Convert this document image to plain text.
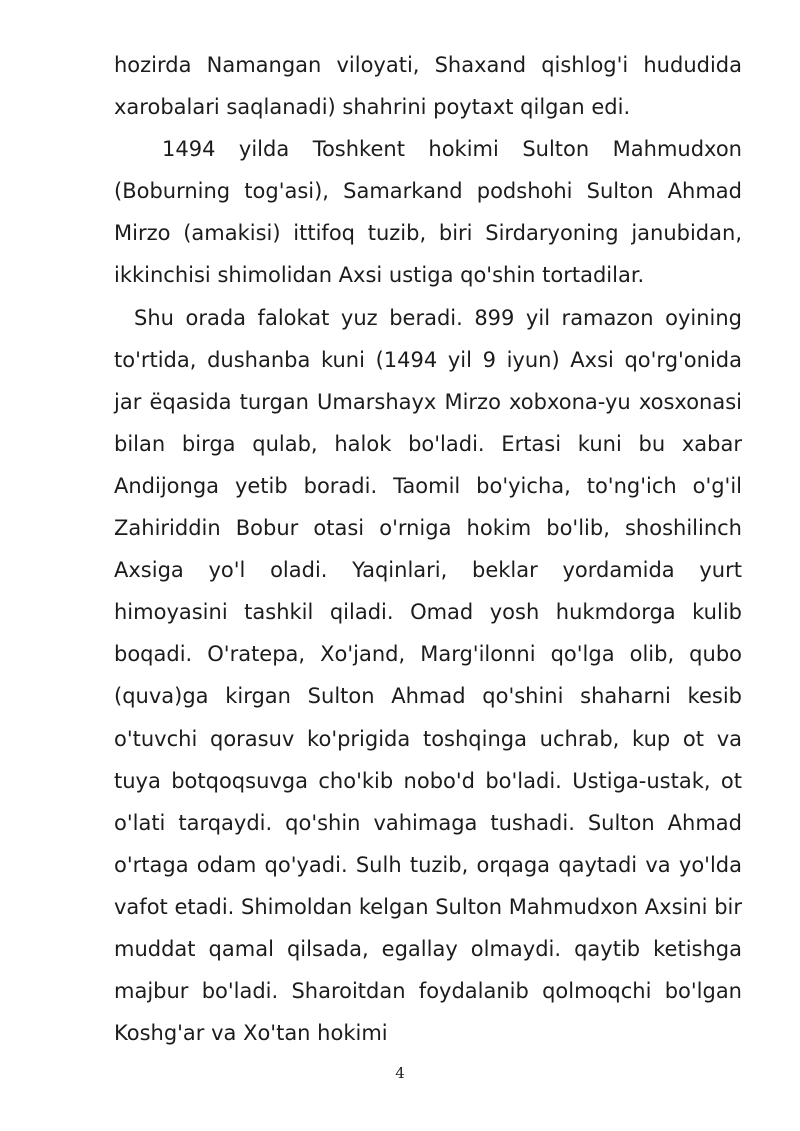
hozirda Namangan viloyati, Shaxand qishlog'i hududida xarobalari saqlanadi) shahrini poytaxt qilgan edi.

1494 yilda Toshkent hokimi Sulton Mahmudxon (Boburning tog'asi), Samarkand podshohi Sulton Ahmad Mirzo (amakisi) ittifoq tuzib, biri Sirdaryoning janubidan, ikkinchisi shimolidan Axsi ustiga qo'shin tortadilar.

Shu orada falokat yuz beradi. 899 yil ramazon oyining to'rtida, dushanba kuni (1494 yil 9 iyun) Axsi qo'rg'onida jar ëqasida turgan Umarshayx Mirzo xobxona-yu xosxonasi bilan birga qulab, halok bo'ladi. Ertasi kuni bu xabar Andijonga yetib boradi. Taomil bo'yicha, to'ng'ich o'g'il Zahiriddin Bobur otasi o'rniga hokim bo'lib, shoshilinch Axsiga yo'l oladi. Yaqinlari, beklar yordamida yurt himoyasini tashkil qiladi. Omad yosh hukmdorga kulib boqadi. O'ratepa, Xo'jand, Marg'ilonni qo'lga olib, qubo (quva)ga kirgan Sulton Ahmad qo'shini shaharni kesib o'tuvchi qorasuv ko'prigida toshqinga uchrab, kup ot va tuya botqoqsuvga cho'kib nobo'd bo'ladi. Ustiga-ustak, ot o'lati tarqaydi. qo'shin vahimaga tushadi. Sulton Ahmad o'rtaga odam qo'yadi. Sulh tuzib, orqaga qaytadi va yo'lda vafot etadi. Shimoldan kelgan Sulton Mahmudxon Axsini bir muddat qamal qilsada, egallay olmaydi. qaytib ketishga majbur bo'ladi. Sharoitdan foydalanib qolmoqchi bo'lgan Koshg'ar va Xo'tan hokimi

4
